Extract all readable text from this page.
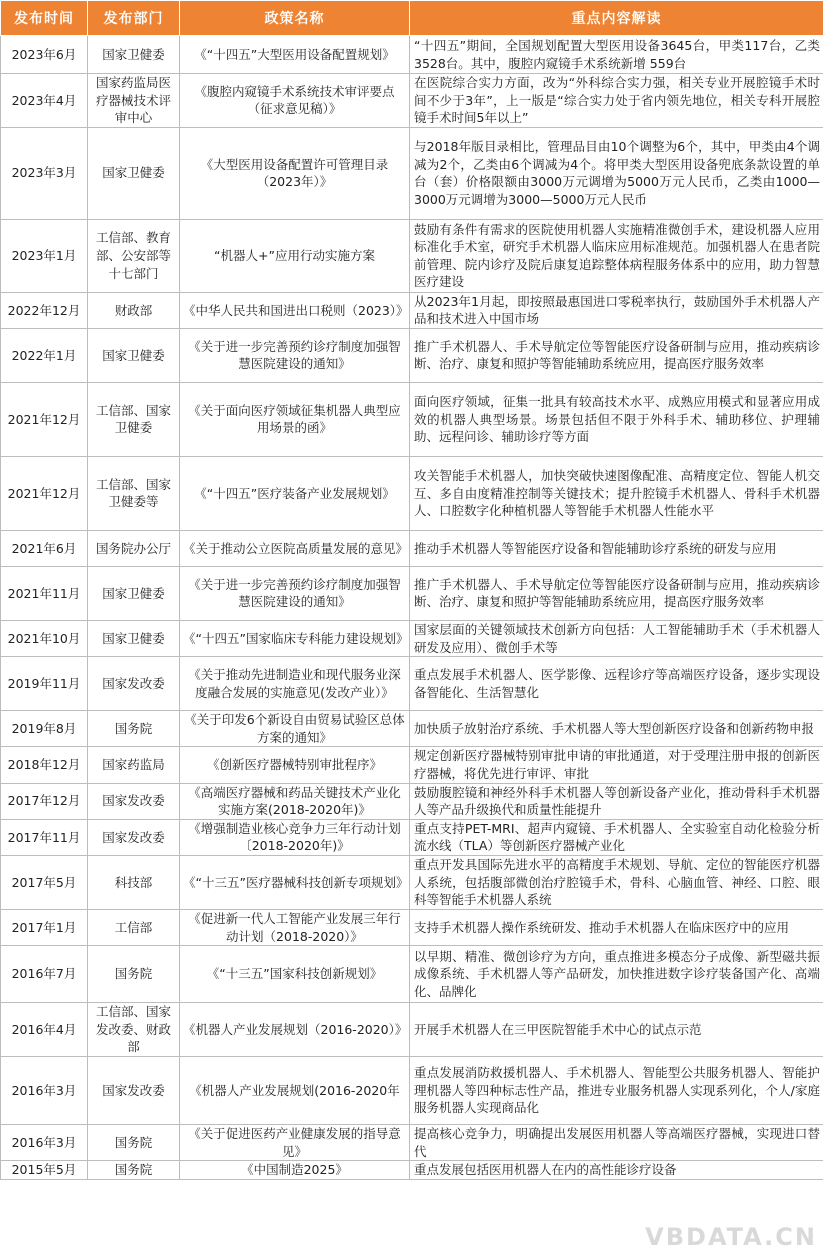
发布时间	发布部门	政策名称	重点内容解读
2023年6月	国家卫健委	《“十四五”大型医用设备配置规划》	“十四五”期间，全国规划配置大型医用设备3645台，甲类117台，乙类3528台。其中，腹腔内窥镜手术系统新增 559台
2023年4月	国家药监局医疗器械技术评审中心	《腹腔内窥镜手术系统技术审评要点（征求意见稿）》	在医院综合实力方面，改为“外科综合实力强，相关专业开展腔镜手术时间不少于3年”，上一版是“综合实力处于省内领先地位，相关专科开展腔镜手术时间5年以上”
2023年3月	国家卫健委	《大型医用设备配置许可管理目录（2023年）》	与2018年版目录相比，管理品目由10个调整为6个，其中，甲类由4个调减为2个，乙类由6个调减为4个。将甲类大型医用设备兜底条款设置的单台（套）价格限额由3000万元调增为5000万元人民币，乙类由1000—3000万元调增为3000—5000万元人民币
2023年1月	工信部、教育部、公安部等十七部门	“机器人+”应用行动实施方案	鼓励有条件有需求的医院使用机器人实施精准微创手术，建设机器人应用标准化手术室，研究手术机器人临床应用标准规范。加强机器人在患者院前管理、院内诊疗及院后康复追踪整体病程服务体系中的应用，助力智慧医疗建设
2022年12月	财政部	《中华人民共和国进出口税则（2023）》	从2023年1月起，即按照最惠国进口零税率执行，鼓励国外手术机器人产品和技术进入中国市场
2022年1月	国家卫健委	《关于进一步完善预约诊疗制度加强智慧医院建设的通知》	推广手术机器人、手术导航定位等智能医疗设备研制与应用，推动疾病诊断、治疗、康复和照护等智能辅助系统应用，提高医疗服务效率
2021年12月	工信部、国家卫健委	《关于面向医疗领域征集机器人典型应用场景的函》	面向医疗领域，征集一批具有较高技术水平、成熟应用模式和显著应用成效的机器人典型场景。场景包括但不限于外科手术、辅助移位、护理辅助、远程问诊、辅助诊疗等方面
2021年12月	工信部、国家卫健委等	《“十四五”医疗装备产业发展规划》	攻关智能手术机器人，加快突破快速图像配准、高精度定位、智能人机交互、多自由度精准控制等关键技术；提升腔镜手术机器人、骨科手术机器人、口腔数字化种植机器人等智能手术机器人性能水平
2021年6月	国务院办公厅	《关于推动公立医院高质量发展的意见》	推动手术机器人等智能医疗设备和智能辅助诊疗系统的研发与应用
2021年11月	国家卫健委	《关于进一步完善预约诊疗制度加强智慧医院建设的通知》	推广手术机器人、手术导航定位等智能医疗设备研制与应用，推动疾病诊断、治疗、康复和照护等智能辅助系统应用，提高医疗服务效率
2021年10月	国家卫健委	《“十四五”国家临床专科能力建设规划》	国家层面的关键领域技术创新方向包括：人工智能辅助手术（手术机器人研发及应用）、微创手术等
2019年11月	国家发改委	《关于推动先进制造业和现代服务业深度融合发展的实施意见(发改产业）》	重点发展手术机器人、医学影像、远程诊疗等高端医疗设备，逐步实现设备智能化、生活智慧化
2019年8月	国务院	《关于印发6个新设自由贸易试验区总体方案的通知》	加快质子放射治疗系统、手术机器人等大型创新医疗设备和创新药物申报
2018年12月	国家药监局	《创新医疗器械特别审批程序》	规定创新医疗器械特别审批申请的审批通道，对于受理注册申报的创新医疗器械，将优先进行审评、审批
2017年12月	国家发改委	《高端医疗器械和药品关键技术产业化实施方案(2018-2020年)》	鼓励腹腔镜和神经外科手术机器人等创新设备产业化，推动骨科手术机器人等产品升级换代和质量性能提升
2017年11月	国家发改委	《增强制造业核心竞争力三年行动计划〔2018-2020年)》	重点支持PET-MRI、超声内窥镜、手术机器人、全实验室自动化检验分析流水线（TLA）等创新医疗器械产业化
2017年5月	科技部	《“十三五”医疗器械科技创新专项规划》	重点开发具国际先进水平的高精度手术规划、导航、定位的智能医疗机器人系统，包括腹部微创治疗腔镜手术，骨科、心脑血管、神经、口腔、眼科等智能手术机器人系统
2017年1月	工信部	《促进新一代人工智能产业发展三年行动计划（2018-2020）》	支持手术机器人操作系统研发、推动手术机器人在临床医疗中的应用
2016年7月	国务院	《“十三五”国家科技创新规划》	以早期、精准、微创诊疗为方向，重点推进多模态分子成像、新型磁共振成像系统、手术机器人等产品研发，加快推进数字诊疗装备国产化、高端化、品牌化
2016年4月	工信部、国家发改委、财政部	《机器人产业发展规划（2016-2020）》	开展手术机器人在三甲医院智能手术中心的试点示范
2016年3月	国家发改委	《机器人产业发展规划(2016-2020年	重点发展消防救援机器人、手术机器人、智能型公共服务机器人、智能护理机器人等四种标志性产品，推进专业服务机器人实现系列化，个人/家庭服务机器人实现商品化
2016年3月	国务院	《关于促进医药产业健康发展的指导意见》	提高核心竞争力，明确提出发展医用机器人等高端医疗器械，实现进口替代
2015年5月	国务院	《中国制造2025》	重点发展包括医用机器人在内的高性能诊疗设备
VBDATA.CN
